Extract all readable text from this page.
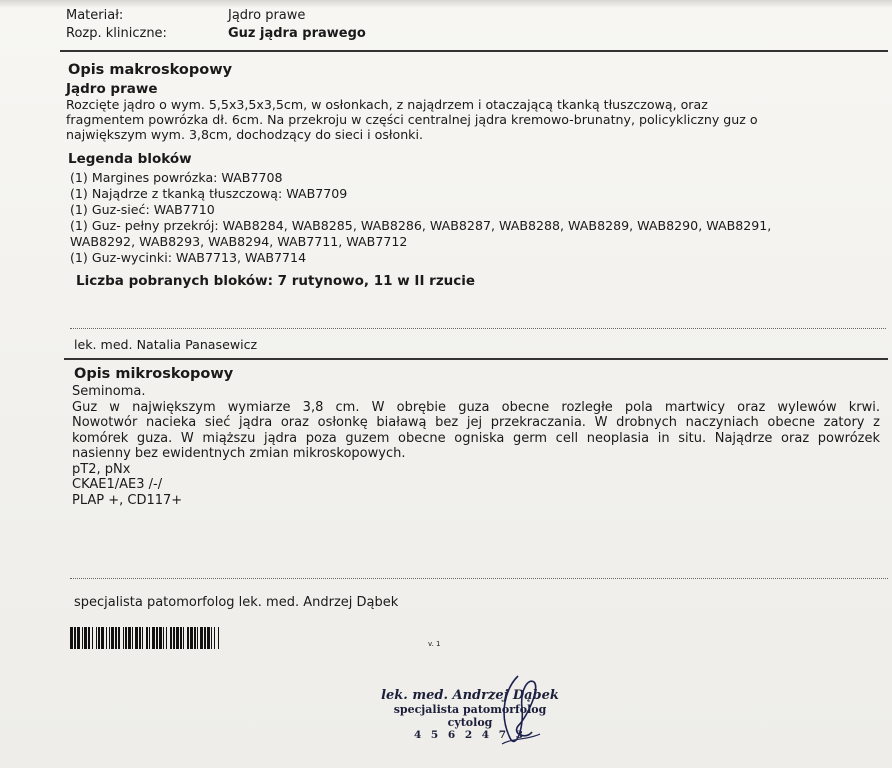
Materiał:	Jądro prawe
Rozp. kliniczne:	Guz jądra prawego
Opis makroskopowy
Jądro prawe

Rozcięte jądro o wym. 5,5x3,5x3,5cm, w osłonkach, z najądrzem i otaczającą tkanką tłuszczową, oraz

fragmentem powrózka dł. 6cm. Na przekroju w części centralnej jądra kremowo-brunatny, policykliczny guz o

największym wym. 3,8cm, dochodzący do sieci i osłonki.

Legenda bloków

(1) Margines powrózka: WAB7708

(1) Najądrze z tkanką tłuszczową: WAB7709

(1) Guz-sieć: WAB7710

(1) Guz- pełny przekrój: WAB8284, WAB8285, WAB8286, WAB8287, WAB8288, WAB8289, WAB8290, WAB8291,

WAB8292, WAB8293, WAB8294, WAB7711, WAB7712

(1) Guz-wycinki: WAB7713, WAB7714

Liczba pobranych bloków: 7 rutynowo, 11 w II rzucie
lek. med. Natalia Panasewicz
Opis mikroskopowy

Seminoma.

Guz w największym wymiarze 3,8 cm. W obrębie guza obecne rozległe pola martwicy oraz wylewów krwi.

Nowotwór nacieka sieć jądra oraz osłonkę białawą bez jej przekraczania. W drobnych naczyniach obecne zatory z

komórek guza. W miąższu jądra poza guzem obecne ogniska germ cell neoplasia in situ. Najądrze oraz powrózek

nasienny bez ewidentnych zmian mikroskopowych.

pT2, pNx

CKAE1/AE3 /-/

PLAP +, CD117+

specjalista patomorfolog lek. med. Andrzej Dąbek
v. 1
lek. med. Andrzej Dąbek
specjalista patomorfolog
cytolog
4 5 6 2 4 7 3
